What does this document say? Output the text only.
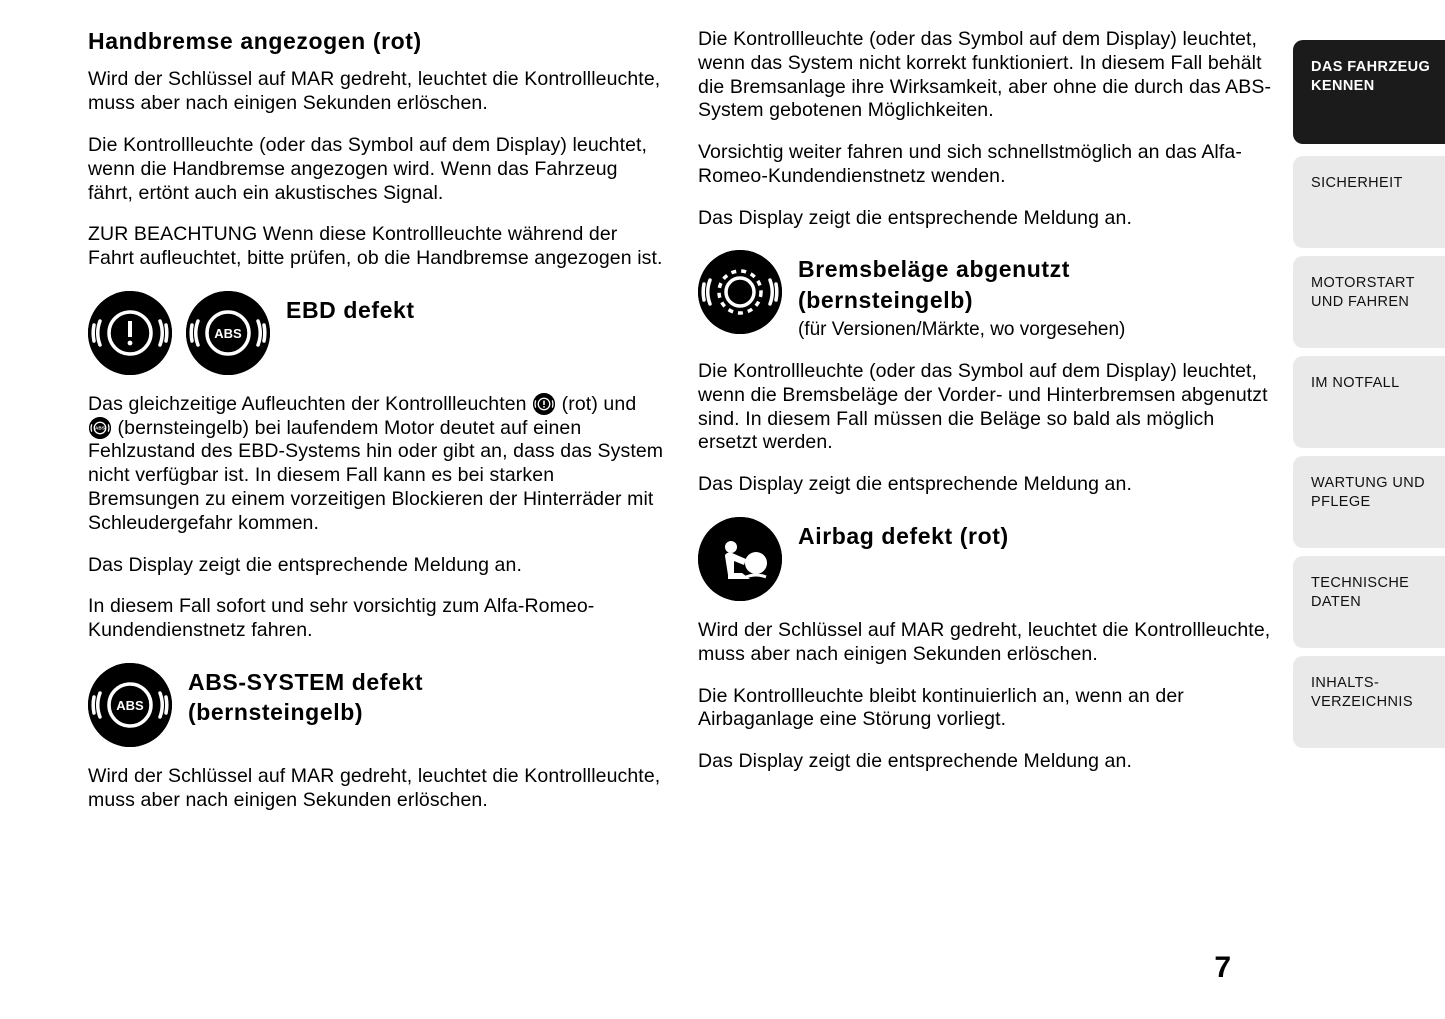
Handbremse angezogen (rot)

Wird der Schlüssel auf MAR gedreht, leuchtet die Kontrollleuchte, muss aber nach einigen Sekunden erlöschen.

Die Kontrollleuchte (oder das Symbol auf dem Display) leuchtet, wenn die Handbremse angezogen wird. Wenn das Fahrzeug fährt, ertönt auch ein akustisches Signal.

ZUR BEACHTUNG Wenn diese Kontrollleuchte während der Fahrt aufleuchtet, bitte prüfen, ob die Handbremse angezogen ist.

ABS
EBD defekt

Das gleichzeitige Aufleuchten der Kontrollleuchten (rot) und
ABS (bernsteingelb) bei laufendem Motor deutet auf einen Fehlzustand des EBD-Systems hin oder gibt an, dass das System nicht verfügbar ist. In diesem Fall kann es bei starken Bremsungen zu einem vorzeitigen Blockieren der Hinterräder mit Schleudergefahr kommen.

Das Display zeigt die entsprechende Meldung an.

In diesem Fall sofort und sehr vorsichtig zum Alfa-Romeo-Kundendienstnetz fahren.

ABS
ABS-SYSTEM defekt
(bernsteingelb)

Wird der Schlüssel auf MAR gedreht, leuchtet die Kontrollleuchte, muss aber nach einigen Sekunden erlöschen.

Die Kontrollleuchte (oder das Symbol auf dem Display) leuchtet, wenn das System nicht korrekt funktioniert. In diesem Fall behält die Bremsanlage ihre Wirksamkeit, aber ohne die durch das ABS-System gebotenen Möglichkeiten.

Vorsichtig weiter fahren und sich schnellstmöglich an das Alfa-Romeo-Kundendienstnetz wenden.

Das Display zeigt die entsprechende Meldung an.

Bremsbeläge abgenutzt
(bernsteingelb)
(für Versionen/Märkte, wo vorgesehen)

Die Kontrollleuchte (oder das Symbol auf dem Display) leuchtet, wenn die Bremsbeläge der Vorder- und Hinterbremsen abgenutzt sind. In diesem Fall müssen die Beläge so bald als möglich ersetzt werden.

Das Display zeigt die entsprechende Meldung an.

Airbag defekt (rot)

Wird der Schlüssel auf MAR gedreht, leuchtet die Kontrollleuchte, muss aber nach einigen Sekunden erlöschen.

Die Kontrollleuchte bleibt kontinuierlich an, wenn an der Airbaganlage eine Störung vorliegt.

Das Display zeigt die entsprechende Meldung an.

7
DAS FAHRZEUG KENNEN
SICHERHEIT
MOTORSTART UND FAHREN
IM NOTFALL
WARTUNG UND PFLEGE
TECHNISCHE DATEN
INHALTS-VERZEICHNIS
